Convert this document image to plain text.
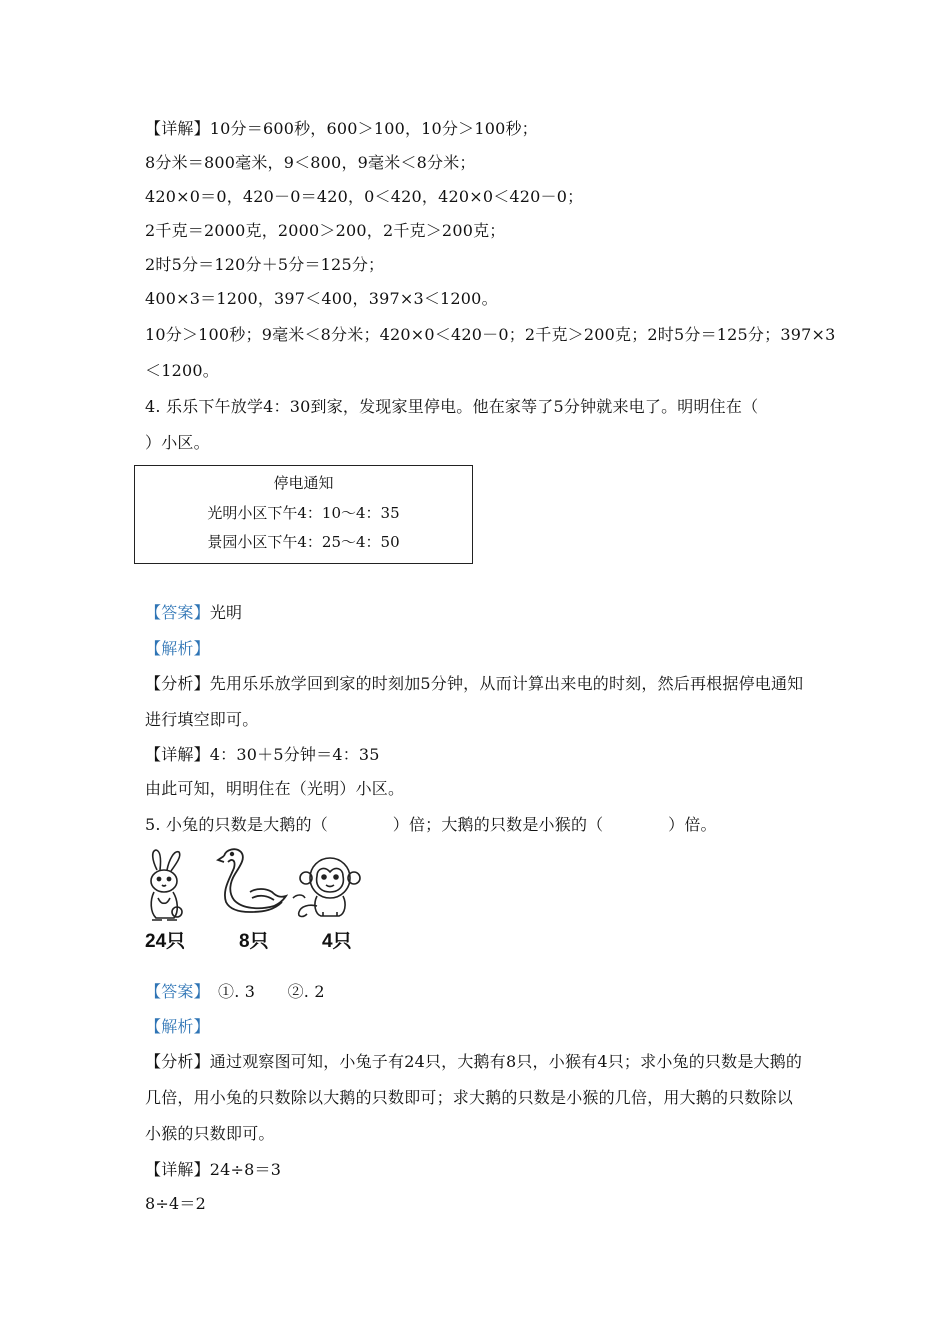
【详解】10分＝600秒，600＞100，10分＞100秒；
8分米＝800毫米，9＜800，9毫米＜8分米；
420×0＝0，420－0＝420，0＜420，420×0＜420－0；
2千克＝2000克，2000＞200，2千克＞200克；
2时5分＝120分＋5分＝125分；
400×3＝1200，397＜400，397×3＜1200。
10分＞100秒；9毫米＜8分米；420×0＜420－0；2千克＞200克；2时5分＝125分；397×3
＜1200。
4. 乐乐下午放学4：30到家，发现家里停电。他在家等了5分钟就来电了。明明住在（
）小区。
停电通知
光明小区下午4：10～4：35
景园小区下午4：25～4：50
【答案】光明
【解析】
【分析】先用乐乐放学回到家的时刻加5分钟，从而计算出来电的时刻，然后再根据停电通知
进行填空即可。
【详解】4：30＋5分钟＝4：35
由此可知，明明住在（光明）小区。
5. 小兔的只数是大鹅的（　　　　）倍；大鹅的只数是小猴的（　　　　）倍。
24只	8只	4只
【答案】　①. 3　　②. 2
【解析】
【分析】通过观察图可知，小兔子有24只，大鹅有8只，小猴有4只；求小兔的只数是大鹅的
几倍，用小兔的只数除以大鹅的只数即可；求大鹅的只数是小猴的几倍，用大鹅的只数除以
小猴的只数即可。
【详解】24÷8＝3
8÷4＝2
